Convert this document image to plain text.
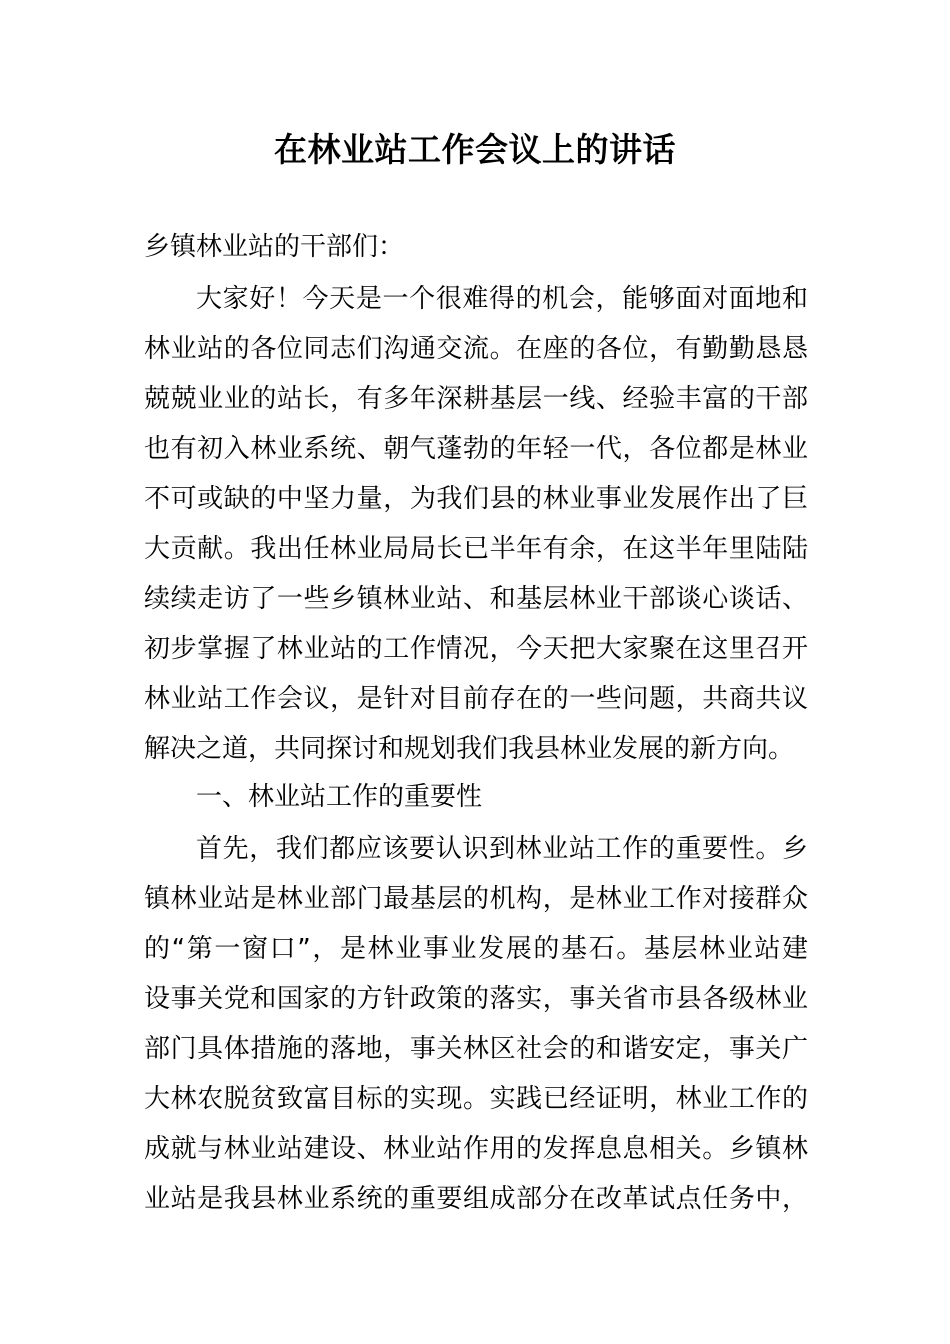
在林业站工作会议上的讲话
乡镇林业站的干部们：
大家好！今天是一个很难得的机会，能够面对面地和
林业站的各位同志们沟通交流。在座的各位，有勤勤恳恳
兢兢业业的站长，有多年深耕基层一线、经验丰富的干部
也有初入林业系统、朝气蓬勃的年轻一代，各位都是林业
不可或缺的中坚力量，为我们县的林业事业发展作出了巨
大贡献。我出任林业局局长已半年有余，在这半年里陆陆
续续走访了一些乡镇林业站、和基层林业干部谈心谈话、
初步掌握了林业站的工作情况，今天把大家聚在这里召开
林业站工作会议，是针对目前存在的一些问题，共商共议
解决之道，共同探讨和规划我们我县林业发展的新方向。
一、林业站工作的重要性
首先，我们都应该要认识到林业站工作的重要性。乡
镇林业站是林业部门最基层的机构，是林业工作对接群众
的“第一窗口”，是林业事业发展的基石。基层林业站建
设事关党和国家的方针政策的落实，事关省市县各级林业
部门具体措施的落地，事关林区社会的和谐安定，事关广
大林农脱贫致富目标的实现。实践已经证明，林业工作的
成就与林业站建设、林业站作用的发挥息息相关。乡镇林
业站是我县林业系统的重要组成部分在改革试点任务中，
